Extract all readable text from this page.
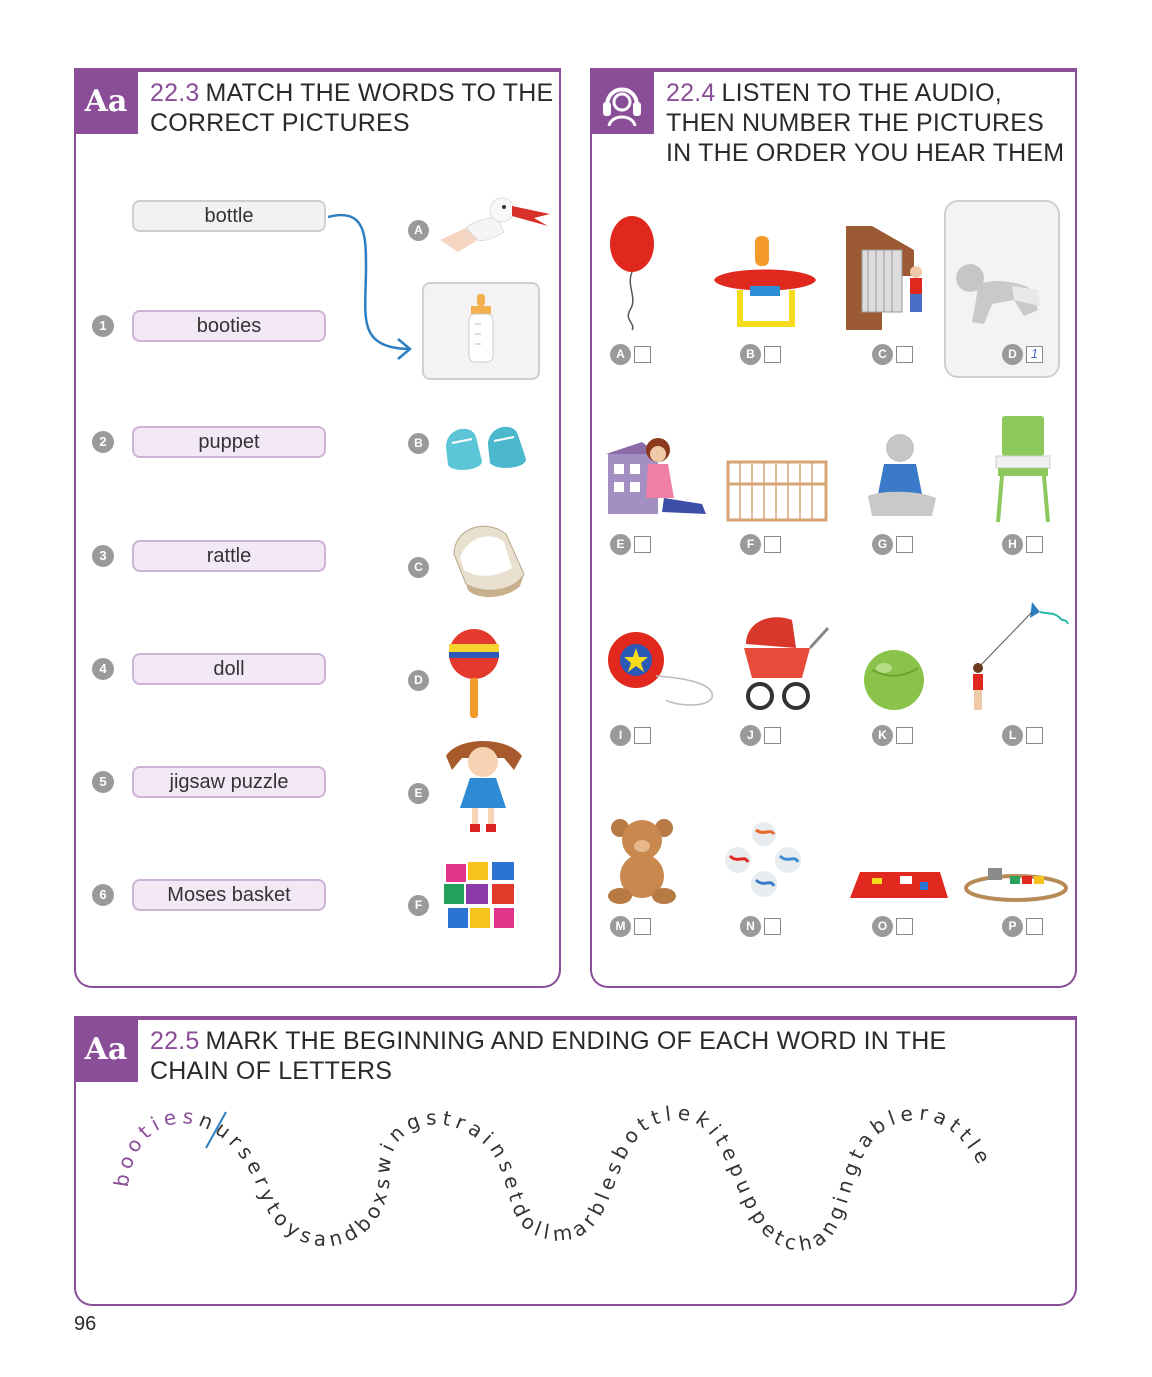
Aa 22.3 MATCH THE WORDS TO THE
CORRECT PICTURES
bottle
1	booties
2	puppet
3	rattle
4	doll
5	jigsaw puzzle
6	Moses basket
A
B
C
D
E
F
22.4 LISTEN TO THE AUDIO,
THEN NUMBER THE PICTURES
IN THE ORDER YOU HEAR THEM
A	B	C	D	1
E	F	G	H
I	J	K	L
M	N	O	P
Aa 22.5 MARK THE BEGINNING AND ENDING OF EACH WORD IN THE
CHAIN OF LETTERS
bootiesnurserytoysandboxswingstrainsetdollmarblesbottlekitepuppetchangingtablerattle
96
